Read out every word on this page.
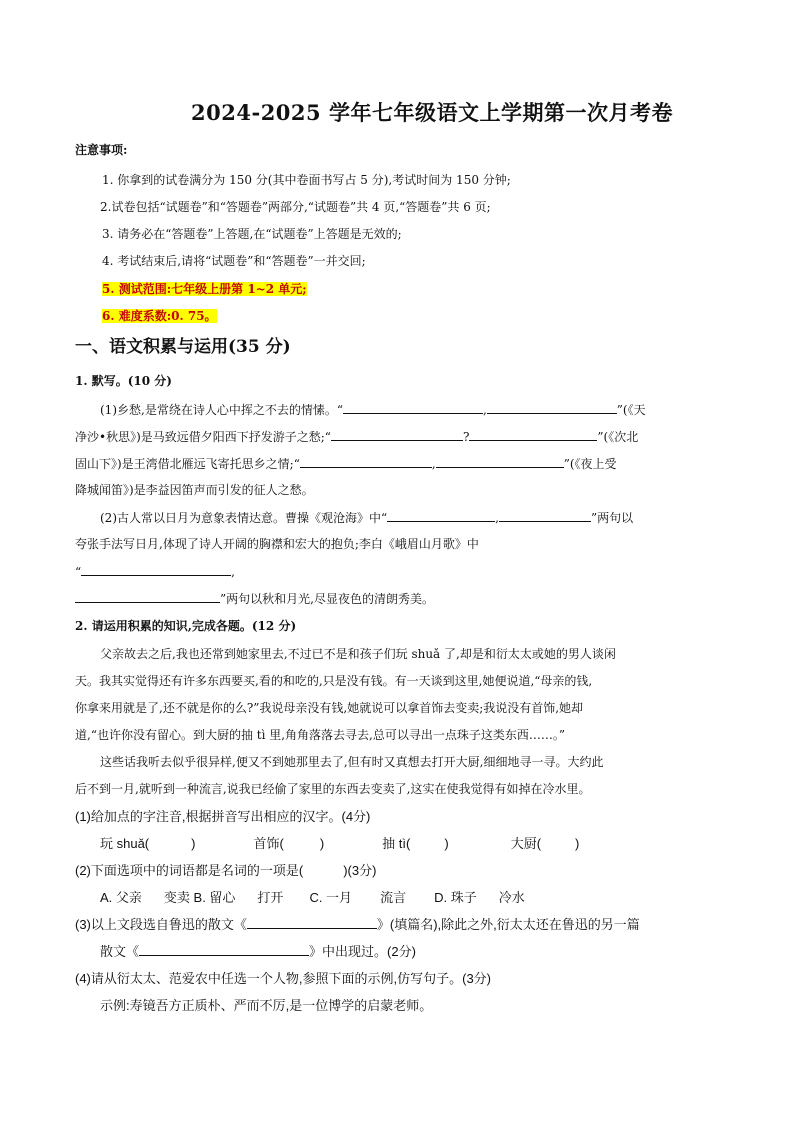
2024-2025 学年七年级语文上学期第一次月考卷
注意事项:
1. 你拿到的试卷满分为 150 分(其中卷面书写占 5 分),考试时间为 150 分钟;
2.试卷包括“试题卷”和“答题卷”两部分,“试题卷”共 4 页,“答题卷”共 6 页;
3. 请务必在“答题卷”上答题,在“试题卷”上答题是无效的;
4. 考试结束后,请将“试题卷”和“答题卷”一并交回;
5. 测试范围:七年级上册第 1~2 单元;
6. 难度系数:0. 75。
一、语文积累与运用(35 分)
1. 默写。(10 分)
(1)乡愁,是常绕在诗人心中挥之不去的情愫。“	,	”(《天
净沙•秋思》)是马致远借夕阳西下抒发游子之愁;“	?	”(《次北
固山下》)是王湾借北雁远飞寄托思乡之情;“	,	”(《夜上受
降城闻笛》)是李益因笛声而引发的征人之愁。
(2)古人常以日月为意象表情达意。曹操《观沧海》中“	,	”两句以
夸张手法写日月,体现了诗人开阔的胸襟和宏大的抱负;李白《峨眉山月歌》中
“	,
”两句以秋和月光,尽显夜色的清朗秀美。
2. 请运用积累的知识,完成各题。(12 分)
父亲故去之后,我也还常到她家里去,不过已不是和孩子们玩 shuǎ 了,却是和衍太太或她的男人谈闲
天。我其实觉得还有许多东西要买,看的和吃的,只是没有钱。有一天谈到这里,她便说道,“母亲的钱,
你拿来用就是了,还不就是你的么?”我说母亲没有钱,她就说可以拿首饰去变卖;我说没有首饰,她却
道,“也许你没有留心。到大厨的抽 tì 里,角角落落去寻去,总可以寻出一点珠子这类东西……。”
这些话我听去似乎很异样,便又不到她那里去了,但有时又真想去打开大厨,细细地寻一寻。大约此
后不到一月,就听到一种流言,说我已经偷了家里的东西去变卖了,这实在使我觉得有如掉在冷水里。
(1)给加点的字注音,根据拼音写出相应的汉字。(4分)
玩 shuǎ(	)	首饰(	)	抽 tì(	)	大厨(	)
(2)下面选项中的词语都是名词的一项是(	)(3分)
A. 父亲 变卖 B. 留心 打开 C. 一月 流言 D. 珠子 冷水
(3)以上文段选自鲁迅的散文《	》(填篇名),除此之外,衍太太还在鲁迅的另一篇
散文《	》中出现过。(2分)
(4)请从衍太太、范爱农中任选一个人物,参照下面的示例,仿写句子。(3分)
示例:寿镜吾方正质朴、严而不厉,是一位博学的启蒙老师。
